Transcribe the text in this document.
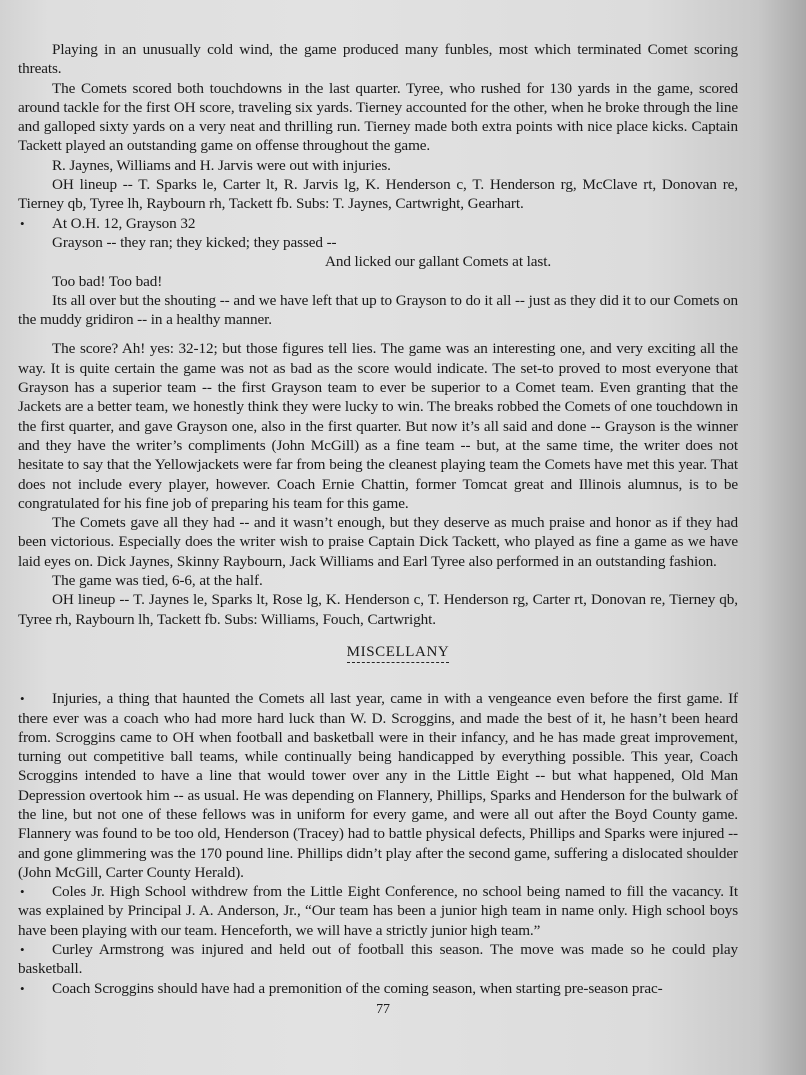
Playing in an unusually cold wind, the game produced many funbles, most which terminated Comet scoring threats.

The Comets scored both touchdowns in the last quarter. Tyree, who rushed for 130 yards in the game, scored around tackle for the first OH score, traveling six yards. Tierney accounted for the other, when he broke through the line and galloped sixty yards on a very neat and thrilling run. Tierney made both extra points with nice place kicks. Captain Tackett played an outstanding game on offense throughout the game.

R. Jaynes, Williams and H. Jarvis were out with injuries.

OH lineup -- T. Sparks le, Carter lt, R. Jarvis lg, K. Henderson c, T. Henderson rg, McClave rt, Donovan re, Tierney qb, Tyree lh, Raybourn rh, Tackett fb. Subs: T. Jaynes, Cartwright, Gearhart.

• At O.H. 12, Grayson 32

Grayson -- they ran; they kicked; they passed --

And licked our gallant Comets at last.

Too bad! Too bad!

Its all over but the shouting -- and we have left that up to Grayson to do it all -- just as they did it to our Comets on the muddy gridiron -- in a healthy manner.

The score? Ah! yes: 32-12; but those figures tell lies. The game was an interesting one, and very exciting all the way. It is quite certain the game was not as bad as the score would indicate. The set-to proved to most everyone that Grayson has a superior team -- the first Grayson team to ever be superior to a Comet team. Even granting that the Jackets are a better team, we honestly think they were lucky to win. The breaks robbed the Comets of one touchdown in the first quarter, and gave Grayson one, also in the first quarter. But now it’s all said and done -- Grayson is the winner and they have the writer’s compliments (John McGill) as a fine team -- but, at the same time, the writer does not hesitate to say that the Yellowjackets were far from being the cleanest playing team the Comets have met this year. That does not include every player, however. Coach Ernie Chattin, former Tomcat great and Illinois alumnus, is to be congratulated for his fine job of preparing his team for this game.

The Comets gave all they had -- and it wasn’t enough, but they deserve as much praise and honor as if they had been victorious. Especially does the writer wish to praise Captain Dick Tackett, who played as fine a game as we have laid eyes on. Dick Jaynes, Skinny Raybourn, Jack Williams and Earl Tyree also performed in an outstanding fashion.

The game was tied, 6-6, at the half.

OH lineup -- T. Jaynes le, Sparks lt, Rose lg, K. Henderson c, T. Henderson rg, Carter rt, Donovan re, Tierney qb, Tyree rh, Raybourn lh, Tackett fb. Subs: Williams, Fouch, Cartwright.

MISCELLANY

• Injuries, a thing that haunted the Comets all last year, came in with a vengeance even before the first game. If there ever was a coach who had more hard luck than W. D. Scroggins, and made the best of it, he hasn’t been heard from. Scroggins came to OH when football and basketball were in their infancy, and he has made great improvement, turning out competitive ball teams, while continually being handicapped by everything possible. This year, Coach Scroggins intended to have a line that would tower over any in the Little Eight -- but what happened, Old Man Depression overtook him -- as usual. He was depending on Flannery, Phillips, Sparks and Henderson for the bulwark of the line, but not one of these fellows was in uniform for every game, and were all out after the Boyd County game. Flannery was found to be too old, Henderson (Tracey) had to battle physical defects, Phillips and Sparks were injured --and gone glimmering was the 170 pound line. Phillips didn’t play after the second game, suffering a dislocated shoulder (John McGill, Carter County Herald).

• Coles Jr. High School withdrew from the Little Eight Conference, no school being named to fill the vacancy. It was explained by Principal J. A. Anderson, Jr., “Our team has been a junior high team in name only. High school boys have been playing with our team. Henceforth, we will have a strictly junior high team.”

• Curley Armstrong was injured and held out of football this season. The move was made so he could play basketball.

• Coach Scroggins should have had a premonition of the coming season, when starting pre-season prac-

77
